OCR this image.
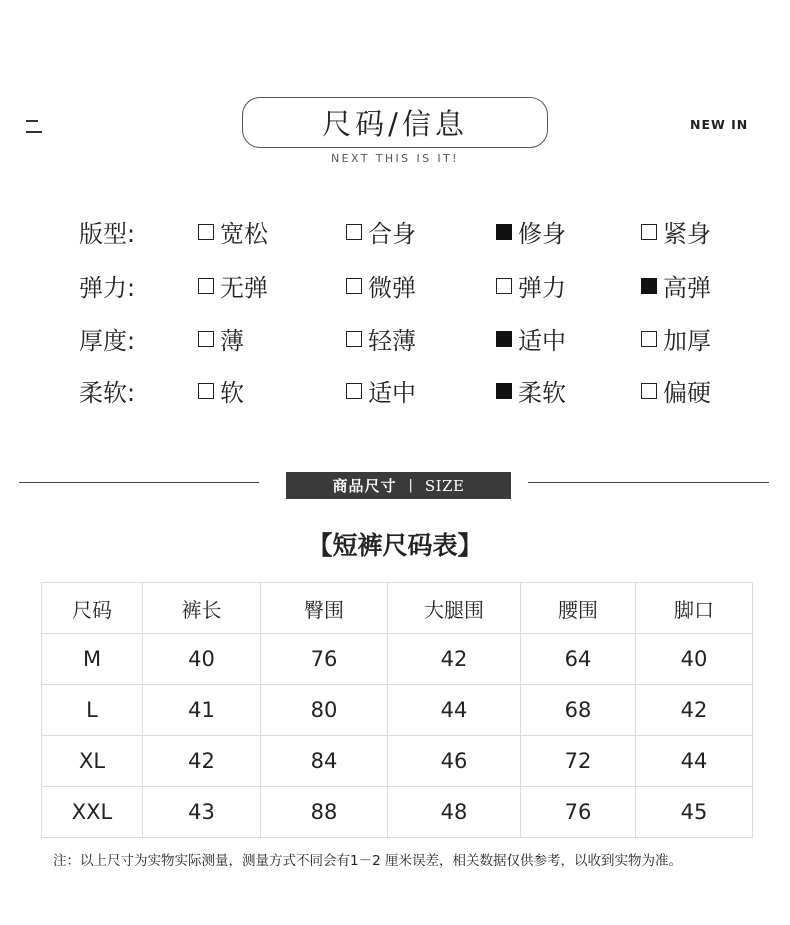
尺码/信息
NEXT THIS IS IT!
NEW IN
版型:	宽松	合身	修身	紧身
弹力:	无弹	微弹	弹力	高弹
厚度:	薄	轻薄	适中	加厚
柔软:	软	适中	柔软	偏硬
商品尺寸 | SIZE
【短裤尺码表】
尺码	裤长	臀围	大腿围	腰围	脚口
M	40	76	42	64	40
L	41	80	44	68	42
XL	42	84	46	72	44
XXL	43	88	48	76	45
注：以上尺寸为实物实际测量，测量方式不同会有1－2 厘米误差，相关数据仅供参考，以收到实物为准。
